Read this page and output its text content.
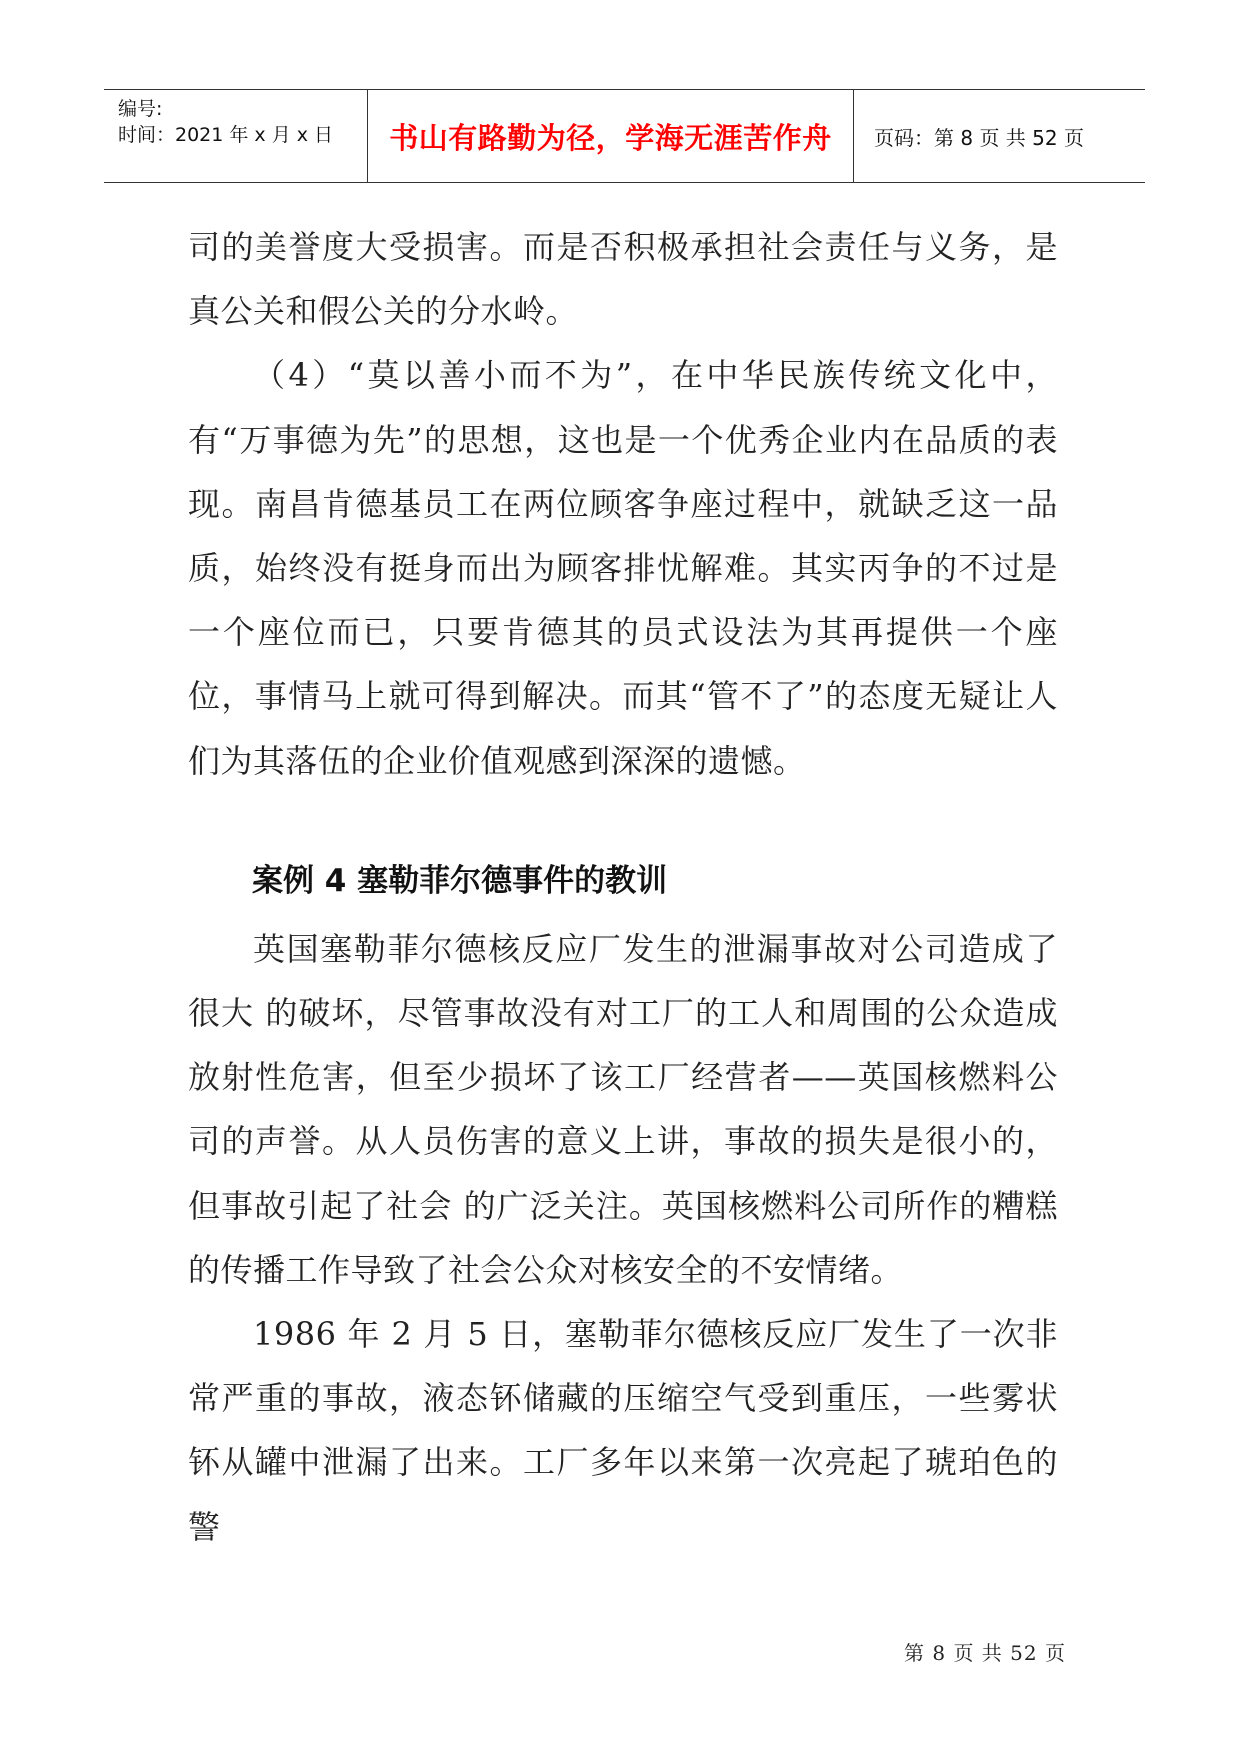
编号:
时间：2021 年 x 月 x 日 书山有路勤为径，学海无涯苦作舟 页码：第 8 页 共 52 页

司的美誉度大受损害。而是否积极承担社会责任与义务，是真公关和假公关的分水岭。

（4）“莫以善小而不为”，在中华民族传统文化中，有“万事德为先”的思想，这也是一个优秀企业内在品质的表现。南昌肯德基员工在两位顾客争座过程中，就缺乏这一品质，始终没有挺身而出为顾客排忧解难。其实丙争的不过是一个座位而已，只要肯德其的员式设法为其再提供一个座位，事情马上就可得到解决。而其“管不了”的态度无疑让人们为其落伍的企业价值观感到深深的遗憾。

案例 4 塞勒菲尔德事件的教训

英国塞勒菲尔德核反应厂发生的泄漏事故对公司造成了很大 的破坏，尽管事故没有对工厂的工人和周围的公众造成放射性危害，但至少损坏了该工厂经营者——英国核燃料公司的声誉。从人员伤害的意义上讲，事故的损失是很小的，但事故引起了社会 的广泛关注。英国核燃料公司所作的糟糕的传播工作导致了社会公众对核安全的不安情绪。

1986 年 2 月 5 日，塞勒菲尔德核反应厂发生了一次非常严重的事故，液态钚储藏的压缩空气受到重压，一些雾状钚从罐中泄漏了出来。工厂多年以来第一次亮起了琥珀色的警

第 8 页 共 52 页
